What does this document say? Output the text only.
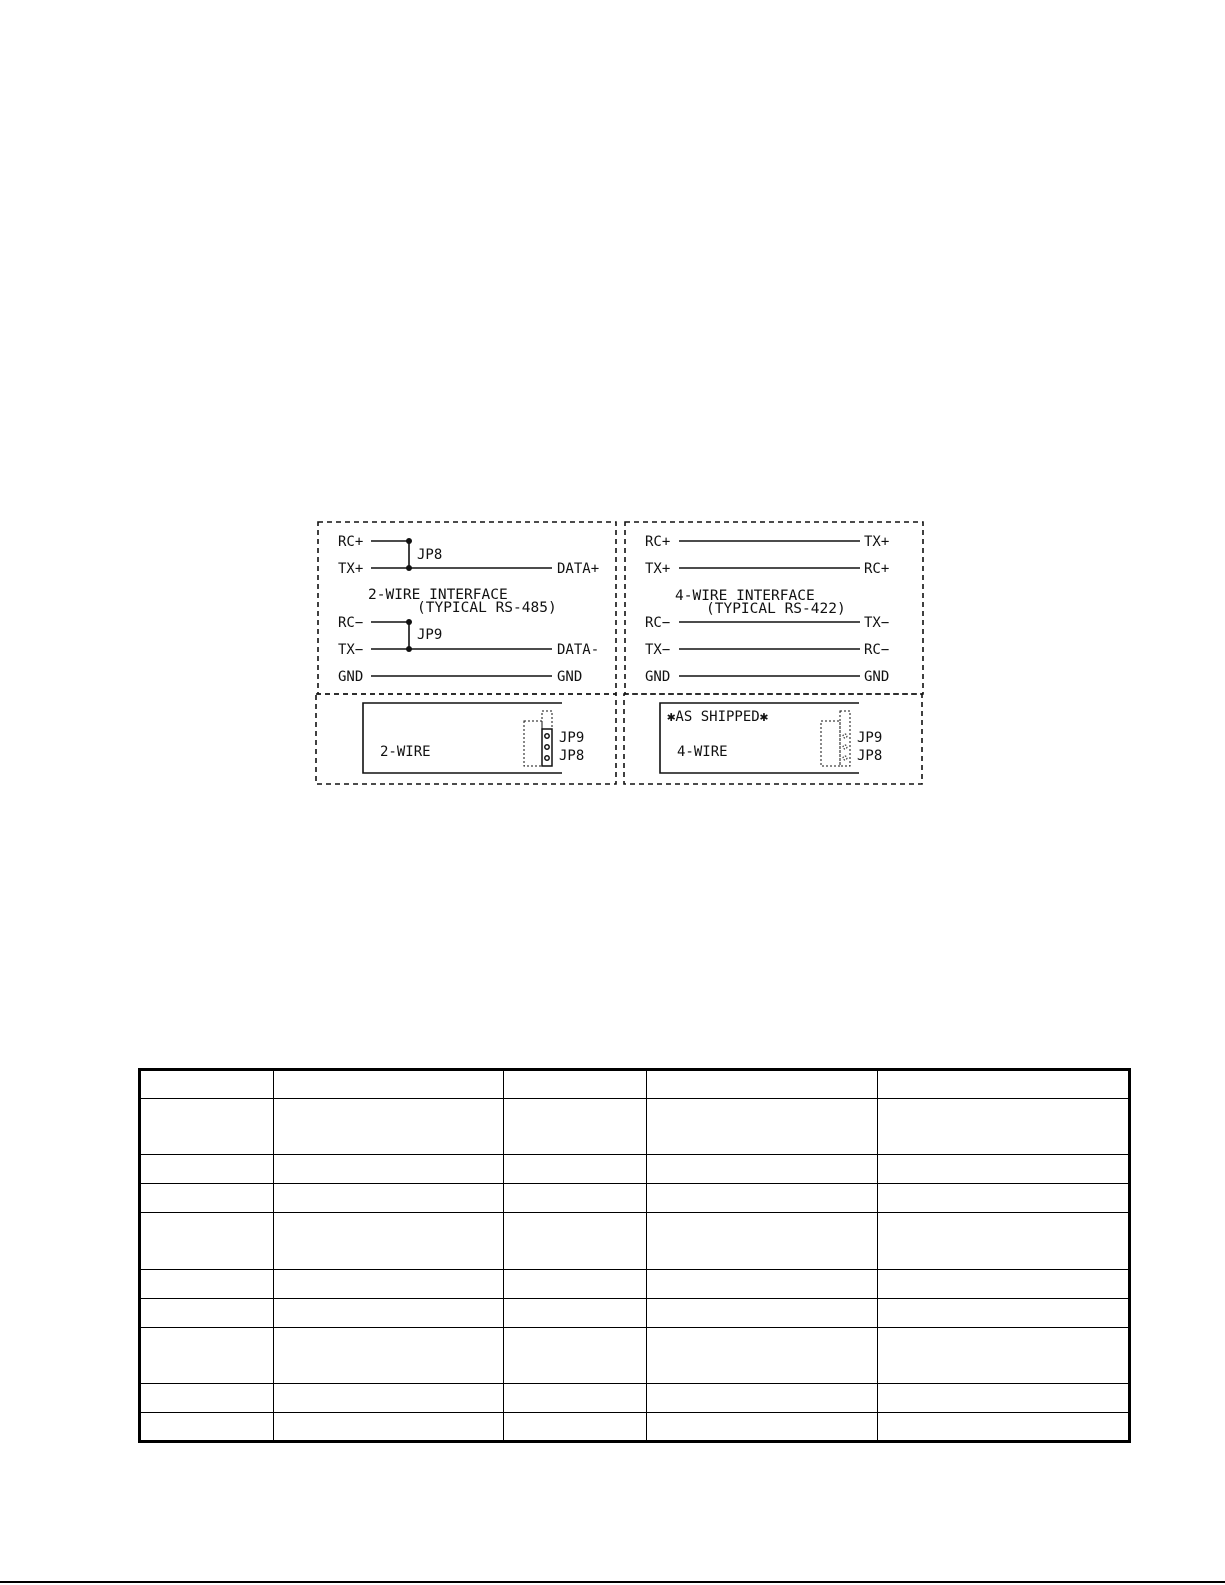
RC+
TX+
JP8
DATA+
2-WIRE INTERFACE
(TYPICAL RS-485)
RC−
JP9
TX−	DATA-
GND	GND
RC+	TX+
TX+	RC+
4-WIRE INTERFACE
(TYPICAL RS-422)
RC−	TX−
TX−	RC−
GND	GND
2-WIRE
JP9
JP8
✱AS SHIPPED✱
4-WIRE
JP9
JP8
